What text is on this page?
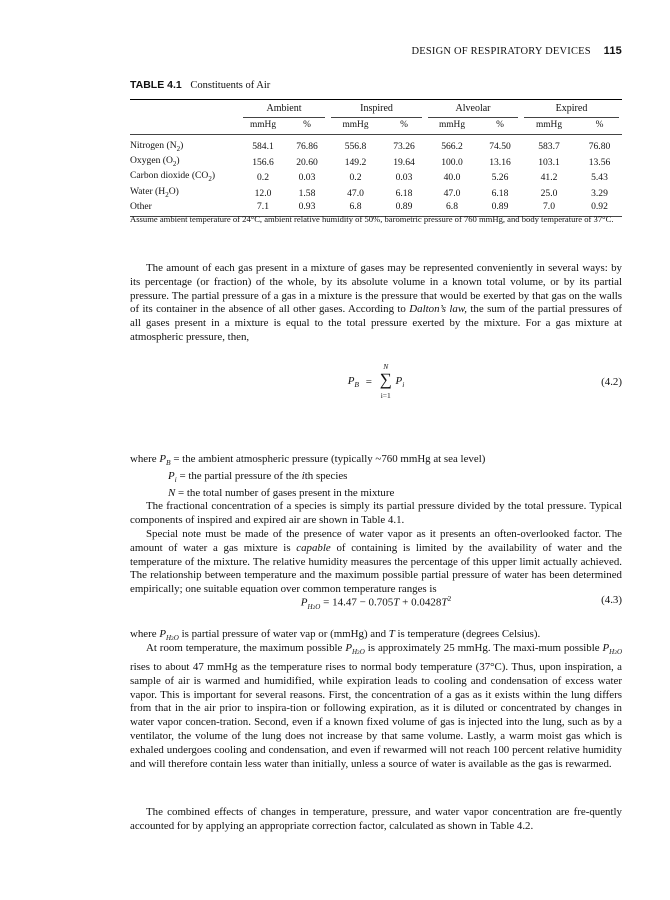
DESIGN OF RESPIRATORY DEVICES 115
TABLE 4.1 Constituents of Air

	Ambient		Inspired		Alveolar		Expired	

	mmHg	%	mmHg	%	mmHg	%	mmHg	%

Nitrogen $(N_2)$	584.1	76.86	556.8	73.26	566.2	74.50	583.7	76.80
Oxygen $(O_2)$	156.6	20.60	149.2	19.64	100.0	13.16	103.1	13.56
Carbon dioxide $(CO_2)$	0.2	0.03	0.2	0.03	40.0	5.26	41.2	5.43
Water $(H_2O)$	12.0	1.58	47.0	6.18	47.0	6.18	25.0	3.29
Other	7.1	0.93	6.8	0.89	6.8	0.89	7.0	0.92

Assume ambient temperature of 24°C, ambient relative humidity of 50%, barometric pressure of 760 mmHg, and body temperature of 37°C.

The amount of each gas present in a mixture of gases may be represented conveniently in several ways: by its percentage (or fraction) of the whole, by its absolute volume in a known total volume, or by its partial pressure. The partial pressure of a gas in a mixture is the pressure that would be exerted by that gas on the walls of its container in the absence of all other gases. According to Dalton’s law, the sum of the partial pressures of all gases present in a mixture is equal to the total pressure exerted by the mixture. For a gas mixture at atmospheric pressure, then,

$P_B$ =
N
∑
i=1
$P_i$	(4.2)
where $P_B$ = the ambient atmospheric pressure (typically ~760 mmHg at sea level)
$P_i$ = the partial pressure of the ith species
N = the total number of gases present in the mixture

The fractional concentration of a species is simply its partial pressure divided by the total pressure. Typical components of inspired and expired air are shown in Table 4.1.

Special note must be made of the presence of water vapor as it presents an often-overlooked factor. The amount of water a gas mixture is capable of containing is limited by the availability of water and the temperature of the mixture. The relative humidity measures the percentage of this upper limit actually achieved. The relationship between temperature and the maximum possible partial pressure of water has been determined empirically; one suitable equation over common temperature ranges is

$P_{H2O} = 14.47 - 0.705T + 0.0428T^2$	(4.3)

where $P_{H2O}$ is partial pressure of water vap or (mmHg) and T is temperature (degrees Celsius).

At room temperature, the maximum possible $P_{H2O}$ is approximately 25 mmHg. The maxi-mum possible $P_{H2O}$ rises to about 47 mmHg as the temperature rises to normal body temperature (37°C). Thus, upon inspiration, a sample of air is warmed and humidified, while expiration leads to cooling and condensation of excess water vapor. This is important for several reasons. First, the concentration of a gas as it exists within the lung differs from that in the air prior to inspira-tion or following expiration, as it is diluted or concentrated by changes in water vapor concen-tration. Second, even if a known fixed volume of gas is injected into the lung, such as by a ventilator, the volume of the lung does not increase by that same volume. Lastly, a warm moist gas which is exhaled undergoes cooling and condensation, and even if rewarmed will not reach 100 percent relative humidity and will therefore contain less water than initially, unless a source of water is available as the gas is rewarmed.

The combined effects of changes in temperature, pressure, and water vapor concentration are fre-quently accounted for by applying an appropriate correction factor, calculated as shown in Table 4.2.
